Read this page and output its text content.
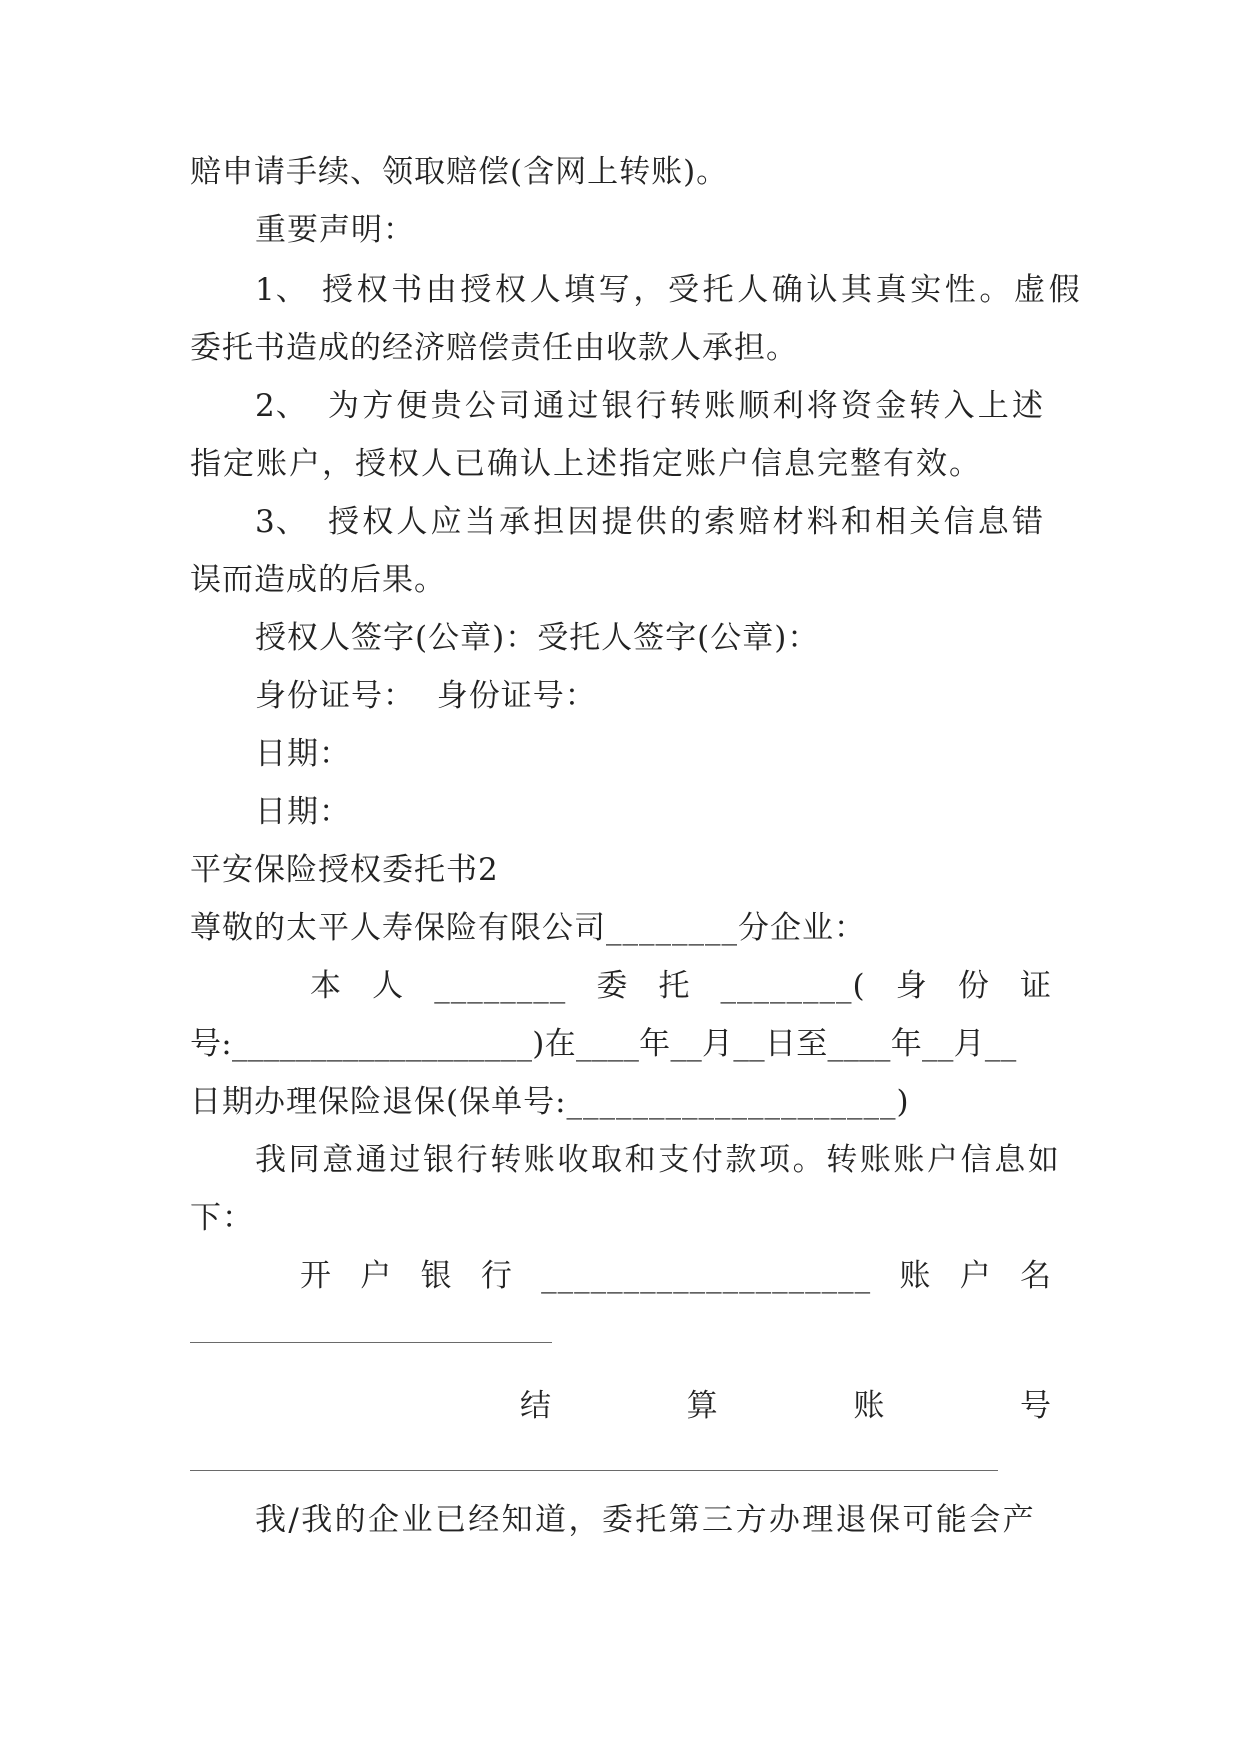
赔申请手续、领取赔偿(含网上转账)。
重要声明：
1、 授权书由授权人填写，受托人确认其真实性。虚假
委托书造成的经济赔偿责任由收款人承担。
2、 为方便贵公司通过银行转账顺利将资金转入上述
指定账户，授权人已确认上述指定账户信息完整有效。
3、 授权人应当承担因提供的索赔材料和相关信息错
误而造成的后果。
授权人签字(公章)：受托人签字(公章)：
身份证号：  身份证号：
日期：
日期：
平安保险授权委托书2
尊敬的太平人寿保险有限公司________分企业：
本 人 ________ 委 托 ________( 身 份 证
号:___________________)在____年__月__日至____年__月__
日期办理保险退保(保单号:____________________)
我同意通过银行转账收取和支付款项。转账账户信息如
下：
开 户 银 行 ____________________ 账 户 名
结	算	账	号
我/我的企业已经知道，委托第三方办理退保可能会产
